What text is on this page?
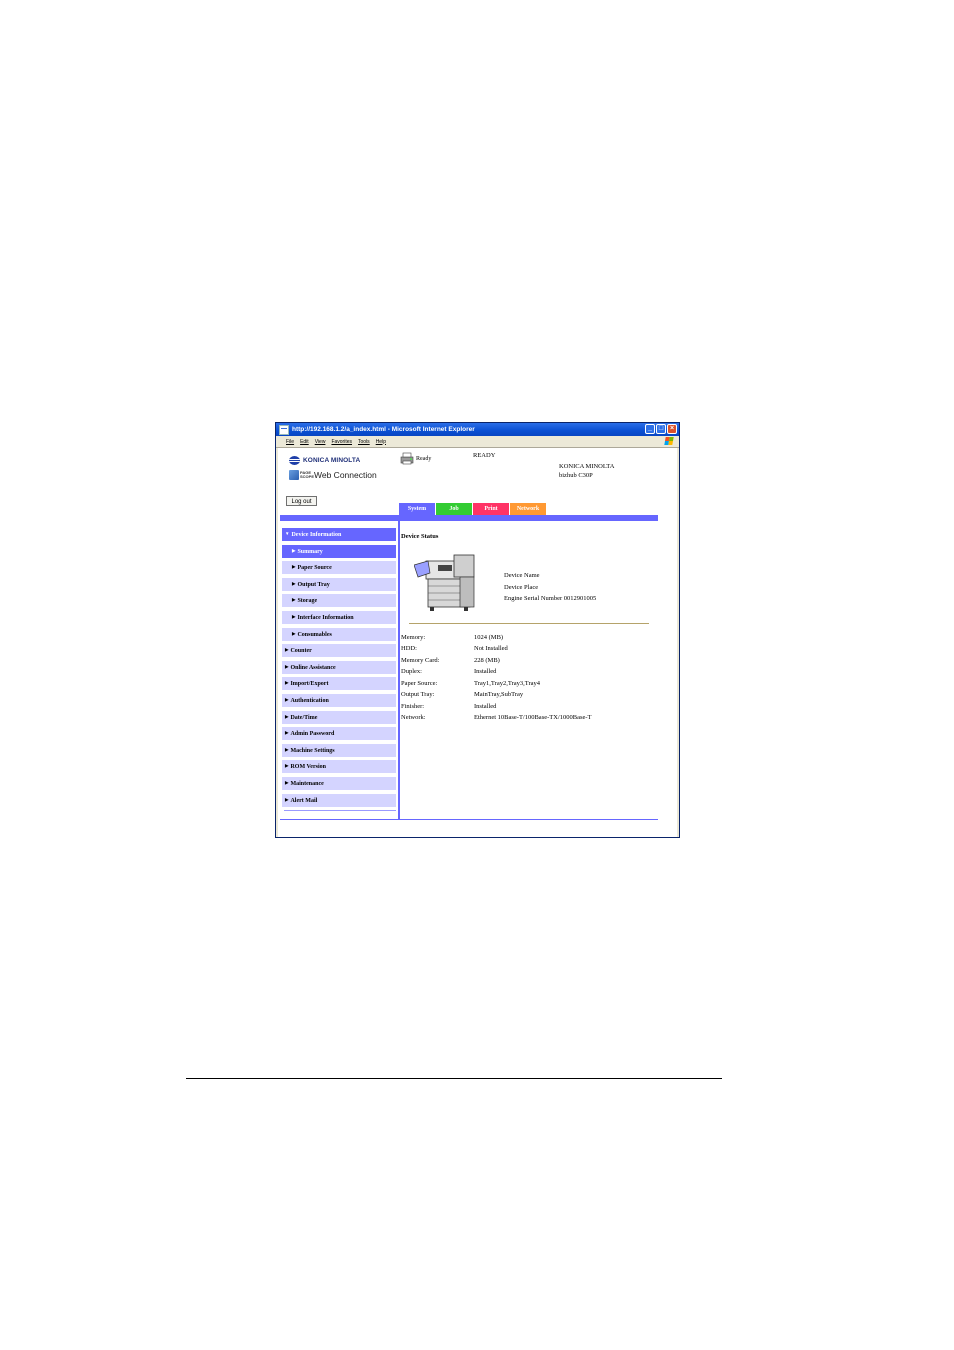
http://192.168.1.2/a_index.html - Microsoft Internet Explorer	_ □ ×
File Edit View Favorites Tools Help
KONICA MINOLTA
PAGE SCOPE Web Connection
Ready	READY
KONICA MINOLTA
bizhub C30P
Log out
System	Job	Print	Network
▼ Device Information
▶ Summary
▶ Paper Source
▶ Output Tray
▶ Storage
▶ Interface Information
▶ Consumables
▶ Counter
▶ Online Assistance
▶ Import/Export
▶ Authentication
▶ Date/Time
▶ Admin Password
▶ Machine Settings
▶ ROM Version
▶ Maintenance
▶ Alert Mail
Device Status
Device Name
Device Place
Engine Serial Number 0012901005
Memory:	1024 (MB)
HDD:	Not Installed
Memory Card:	228 (MB)
Duplex:	Installed
Paper Source:	Tray1,Tray2,Tray3,Tray4
Output Tray:	MainTray,SubTray
Finisher:	Installed
Network:	Ethernet 10Base-T/100Base-TX/1000Base-T
